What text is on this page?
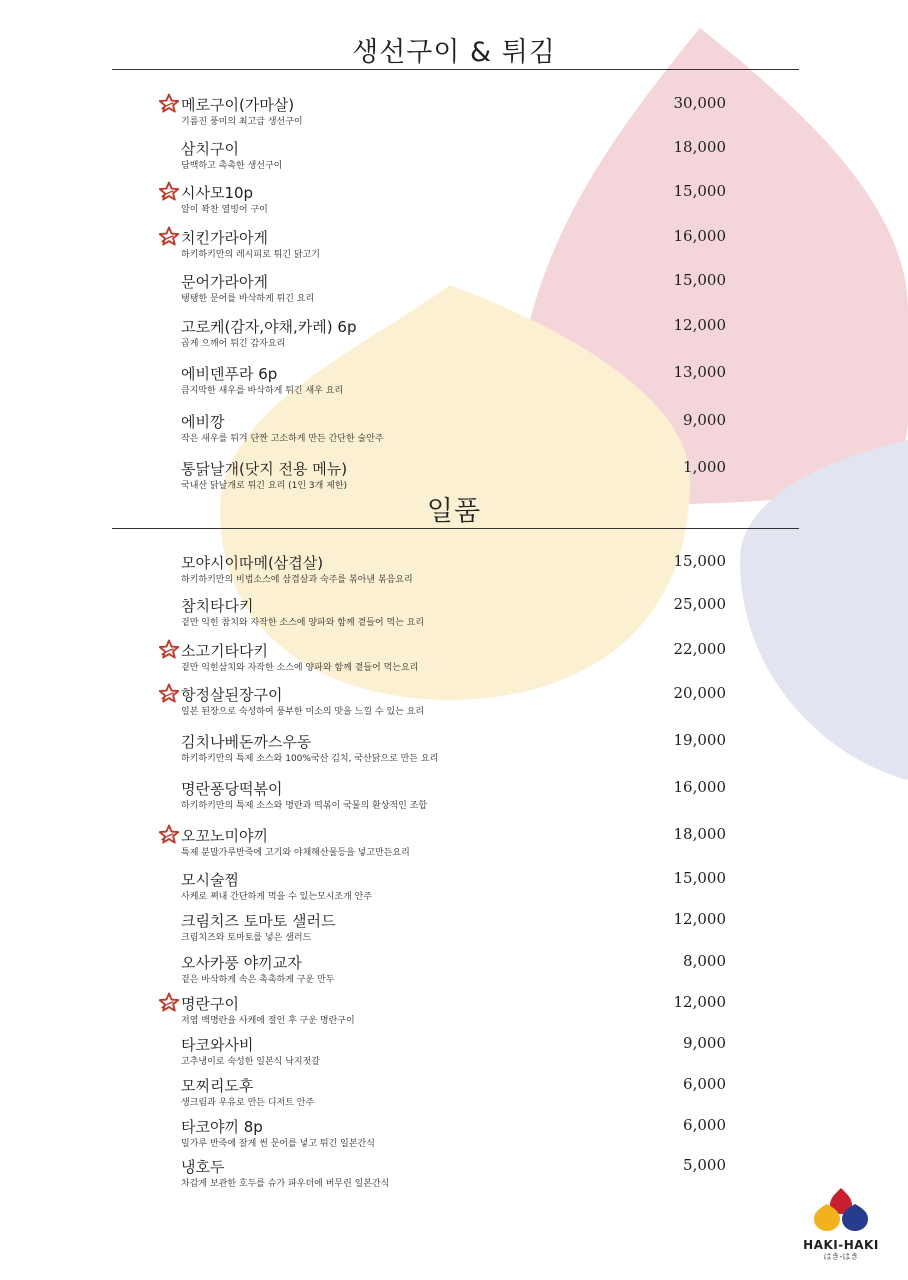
생선구이 & 튀김
일품
메로구이(가마살)
기름진 풍미의 최고급 생선구이
30,000
삼치구이
담백하고 촉촉한 생선구이
18,000
시사모10p
알이 꽉찬 열빙어 구이
15,000
치킨가라아게
하키하키만의 레시피로 튀긴 닭고기
16,000
문어가라아게
탱탱한 문어를 바삭하게 튀긴 요리
15,000
고로케(감자,야채,카레) 6p
곱게 으깨어 튀긴 감자요리
12,000
에비덴푸라 6p
큼지막한 새우를 바삭하게 튀긴 새우 요리
13,000
에비깡
작은 새우를 튀겨 단짠 고소하게 만든 간단한 술안주
9,000
통닭날개(닷지 전용 메뉴)
국내산 닭날개로 튀긴 요리 (1인 3개 제한)
1,000
모야시이따메(삼겹살)
하키하키만의 비법소스에 삼겹살과 숙주를 볶아낸 볶음요리
15,000
참치타다키
겉만 익힌 참치와 자작한 소스에 양파와 함께 곁들어 먹는 요리
25,000
소고기타다키
겉만 익힌삼치와 자작한 소스에 양파와 함께 곁들어 먹는요리
22,000
항정살된장구이
일본 된장으로 숙성하여 풍부한 미소의 맛을 느낄 수 있는 요리
20,000
김치나베돈까스우동
하키하키만의 특제 소스와 100%국산 김치, 국산닭으로 만든 요리
19,000
명란퐁당떡볶이
하키하키만의 특제 소스와 명란과 떡볶이 국물의 환상적인 조합
16,000
오꼬노미야끼
특제 분말가루반죽에 고기와 야채해산물등을 넣고만든요리
18,000
모시술찜
사케로 쪄내 간단하게 먹을 수 있는모시조개 안주
15,000
크림치즈 토마토 샐러드
크림치즈와 토마토를 넣은 샐러드
12,000
오사카풍 야끼교자
겉은 바삭하게 속은 촉촉하게 구운 만두
8,000
명란구이
저염 백명란을 사케에 절인 후 구운 명란구이
12,000
타코와사비
고추냉이로 숙성한 일본식 낙지젓갈
9,000
모찌리도후
생크림과 우유로 만든 디저트 안주
6,000
타코야끼 8p
밀가루 반죽에 잘게 썬 문어를 넣고 튀긴 일본간식
6,000
냉호두
차갑게 보관한 호두를 슈가 파우더에 버무린 일본간식
5,000
HAKI-HAKI
はき-はき
